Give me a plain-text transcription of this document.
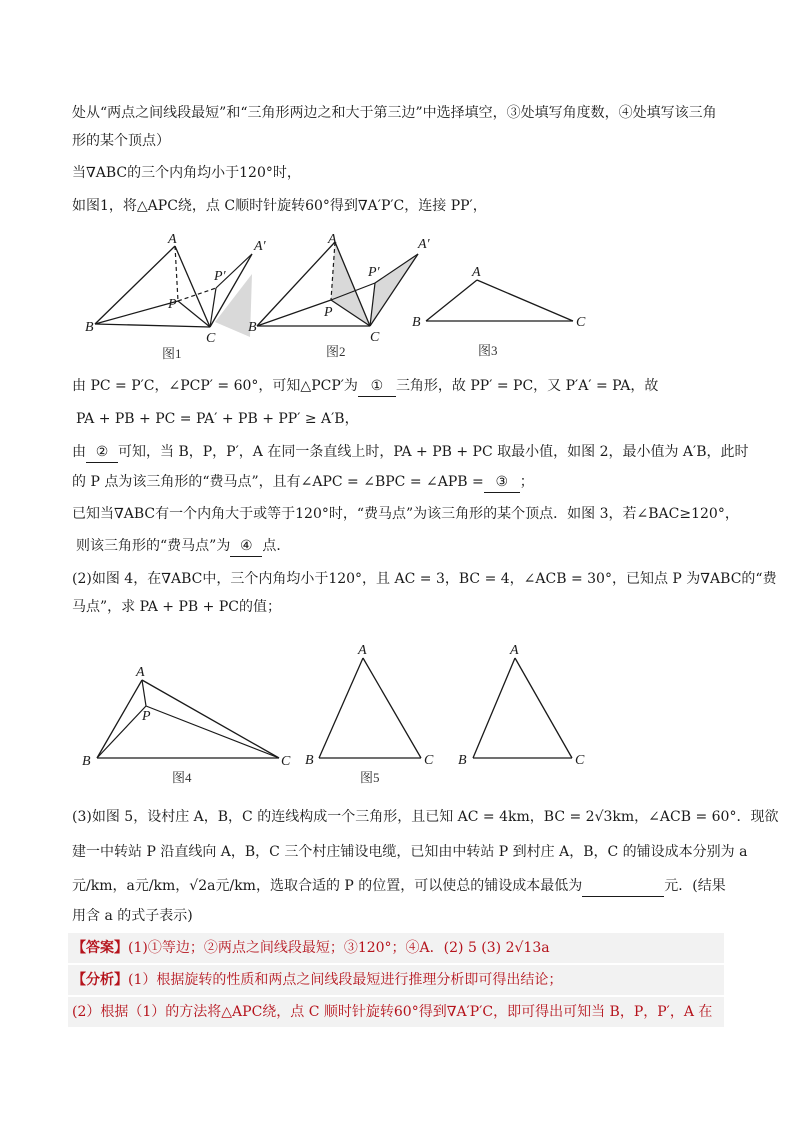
处从“两点之间线段最短”和“三角形两边之和大于第三边”中选择填空，③处填写角度数，④处填写该三角
形的某个顶点）
当∇ABC的三个内角均小于120°时，
如图1，将△APC绕，点 C顺时针旋转60°得到∇A′P′C，连接 PP′，
A
B
C
P
A′
P′
图1
A
B
C
P
A′
P′
图2
A
B	C
图3
由 PC = P′C，∠PCP′ = 60°，可知△PCP′为 ① 三角形，故 PP′ = PC，又 P′A′ = PA，故
PA + PB + PC = PA′ + PB + PP′ ≥ A′B，
由 ② 可知，当 B，P，P′，A 在同一条直线上时，PA + PB + PC 取最小值，如图 2，最小值为 A′B，此时
的 P 点为该三角形的“费马点”，且有∠APC = ∠BPC = ∠APB = ③ ；
已知当∇ABC有一个内角大于或等于120°时，“费马点”为该三角形的某个顶点．如图 3，若∠BAC≥120°，
则该三角形的“费马点”为 ④ 点．
(2)如图 4，在∇ABC中，三个内角均小于120°，且 AC = 3，BC = 4，∠ACB = 30°，已知点 P 为∇ABC的“费
马点”，求 PA + PB + PC的值；
A
B	C
P
图4
A
B	C
图5
A
B	C
(3)如图 5，设村庄 A，B，C 的连线构成一个三角形，且已知 AC = 4km，BC = 2√3km，∠ACB = 60°．现欲
建一中转站 P 沿直线向 A，B，C 三个村庄铺设电缆，已知由中转站 P 到村庄 A，B，C 的铺设成本分别为 a
元/km，a元/km，√2a元/km，选取合适的 P 的位置，可以使总的铺设成本最低为	元．(结果
用含 a 的式子表示)
【答案】(1)①等边；②两点之间线段最短；③120°；④A．(2) 5 (3) 2√13a
【分析】(1）根据旋转的性质和两点之间线段最短进行推理分析即可得出结论；
(2）根据（1）的方法将△APC绕，点 C 顺时针旋转60°得到∇A′P′C，即可得出可知当 B，P，P′，A 在
